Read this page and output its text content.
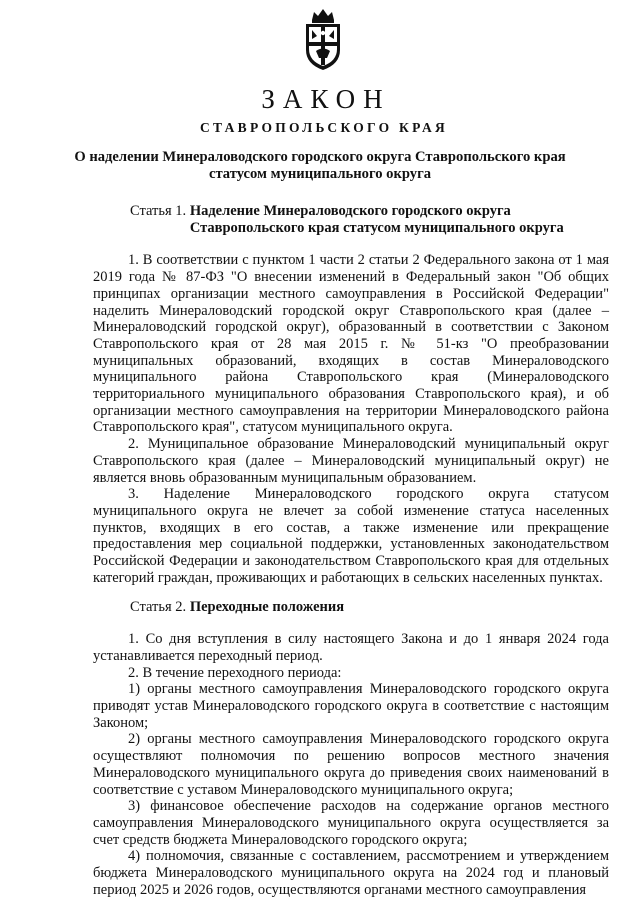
ЗАКОН
СТАВРОПОЛЬСКОГО КРАЯ
О наделении Минераловодского городского округа Ставропольского края статусом муниципального округа
Статья 1. Наделение Минераловодского городского округа Ставропольского края статусом муниципального округа

1. В соответствии с пунктом 1 части 2 статьи 2 Федерального закона от 1 мая 2019 года № 87-ФЗ "О внесении изменений в Федеральный закон "Об общих принципах организации местного самоуправления в Российской Федерации" наделить Минераловодский городской округ Ставропольского края (далее – Минераловодский городской округ), образованный в соответствии с Законом Ставропольского края от 28 мая 2015 г. № 51-кз "О преобразовании муниципальных образований, входящих в состав Минераловодского муниципального района Ставропольского края (Минераловодского территориального муниципального образования Ставропольского края), и об организации местного самоуправления на территории Минераловодского района Ставропольского края", статусом муниципального округа.

2. Муниципальное образование Минераловодский муниципальный округ Ставропольского края (далее – Минераловодский муниципальный округ) не является вновь образованным муниципальным образованием.

3. Наделение Минераловодского городского округа статусом муниципального округа не влечет за собой изменение статуса населенных пунктов, входящих в его состав, а также изменение или прекращение предоставления мер социальной поддержки, установленных законодательством Российской Федерации и законодательством Ставропольского края для отдельных категорий граждан, проживающих и работающих в сельских населенных пунктах.

Статья 2. Переходные положения

1. Со дня вступления в силу настоящего Закона и до 1 января 2024 года устанавливается переходный период.

2. В течение переходного периода:

1) органы местного самоуправления Минераловодского городского округа приводят устав Минераловодского городского округа в соответствие с настоящим Законом;

2) органы местного самоуправления Минераловодского городского округа осуществляют полномочия по решению вопросов местного значения Минераловодского муниципального округа до приведения своих наименований в соответствие с уставом Минераловодского муниципального округа;

3) финансовое обеспечение расходов на содержание органов местного самоуправления Минераловодского муниципального округа осуществляется за счет средств бюджета Минераловодского городского округа;

4) полномочия, связанные с составлением, рассмотрением и утверждением бюджета Минераловодского муниципального округа на 2024 год и плановый период 2025 и 2026 годов, осуществляются органами местного самоуправления
